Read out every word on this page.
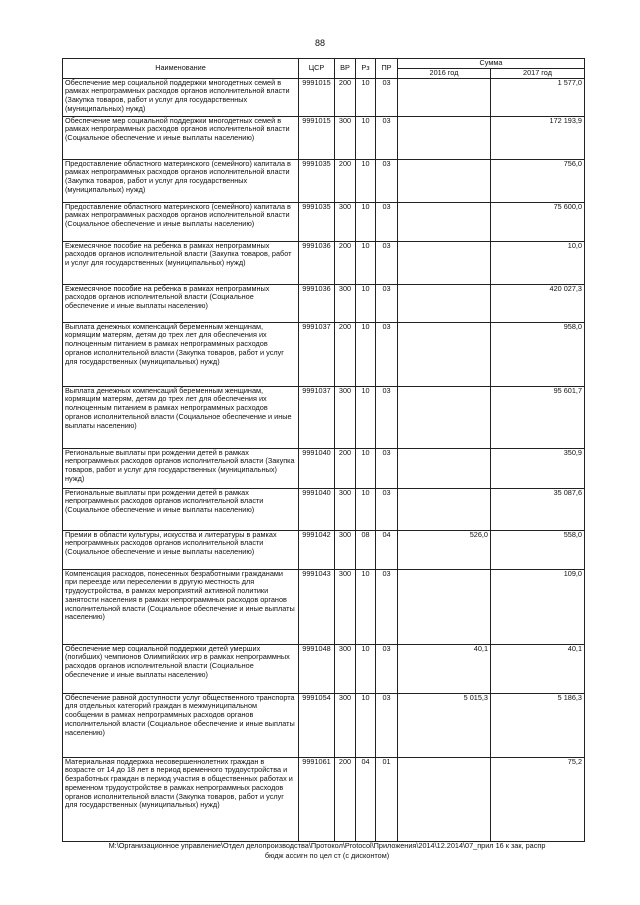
88
Наименование	ЦСР	ВР	Рз	ПР	Сумма	
					2016 год	2017 год
Обеспечение мер социальной поддержки многодетных семей в рамках непрограммных расходов органов исполнительной власти (Закупка товаров, работ и услуг для государственных (муниципальных) нужд)	9991015	200	10	03		1 577,0
Обеспечение мер социальной поддержки многодетных семей в рамках непрограммных расходов органов исполнительной власти (Социальное обеспечение и иные выплаты населению)	9991015	300	10	03		172 193,9
Предоставление областного материнского (семейного) капитала в рамках непрограммных расходов органов исполнительной власти (Закупка товаров, работ и услуг для государственных (муниципальных) нужд)	9991035	200	10	03		756,0
Предоставление областного материнского (семейного) капитала в рамках непрограммных расходов органов исполнительной власти (Социальное обеспечение и иные выплаты населению)	9991035	300	10	03		75 600,0
Ежемесячное пособие на ребенка в рамках непрограммных расходов органов исполнительной власти (Закупка товаров, работ и услуг для государственных (муниципальных) нужд)	9991036	200	10	03		10,0
Ежемесячное пособие на ребенка в рамках непрограммных расходов органов исполнительной власти (Социальное обеспечение и иные выплаты населению)	9991036	300	10	03		420 027,3
Выплата денежных компенсаций беременным женщинам, кормящим матерям, детям до трех лет для обеспечения их полноценным питанием в рамках непрограммных расходов органов исполнительной власти (Закупка товаров, работ и услуг для государственных (муниципальных) нужд)	9991037	200	10	03		958,0
Выплата денежных компенсаций беременным женщинам, кормящим матерям, детям до трех лет для обеспечения их полноценным питанием в рамках непрограммных расходов органов исполнительной власти (Социальное обеспечение и иные выплаты населению)	9991037	300	10	03		95 601,7
Региональные выплаты при рождении детей в рамках непрограммных расходов органов исполнительной власти (Закупка товаров, работ и услуг для государственных (муниципальных) нужд)	9991040	200	10	03		350,9
Региональные выплаты при рождении детей в рамках непрограммных расходов органов исполнительной власти (Социальное обеспечение и иные выплаты населению)	9991040	300	10	03		35 087,6
Премии в области культуры, искусства и литературы в рамках непрограммных расходов органов исполнительной власти (Социальное обеспечение и иные выплаты населению)	9991042	300	08	04	526,0	558,0
Компенсация расходов, понесенных безработными гражданами при переезде или переселении в другую местность для трудоустройства, в рамках мероприятий активной политики занятости населения в рамках непрограммных расходов органов исполнительной власти (Социальное обеспечение и иные выплаты населению)	9991043	300	10	03		109,0
Обеспечение мер социальной поддержки детей умерших (погибших) чемпионов Олимпийских игр в рамках непрограммных расходов органов исполнительной власти (Социальное обеспечение и иные выплаты населению)	9991048	300	10	03	40,1	40,1
Обеспечение равной доступности услуг общественного транспорта для отдельных категорий граждан в межмуниципальном сообщении в рамках непрограммных расходов органов исполнительной власти (Социальное обеспечение и иные выплаты населению)	9991054	300	10	03	5 015,3	5 186,3
Материальная поддержка несовершеннолетних граждан в возрасте от 14 до 18 лет в период временного трудоустройства и безработных граждан в период участия в общественных работах и временном трудоустройстве в рамках непрограммных расходов органов исполнительной власти (Закупка товаров, работ и услуг для государственных (муниципальных) нужд)	9991061	200	04	01		75,2
М:\Организационное управление\Отдел делопроизводства\Протокол\Protocol\Приложения\2014\12.2014\07_прил 16 к зак, распр
бюдж ассигн по цел ст (с дисконтом)
